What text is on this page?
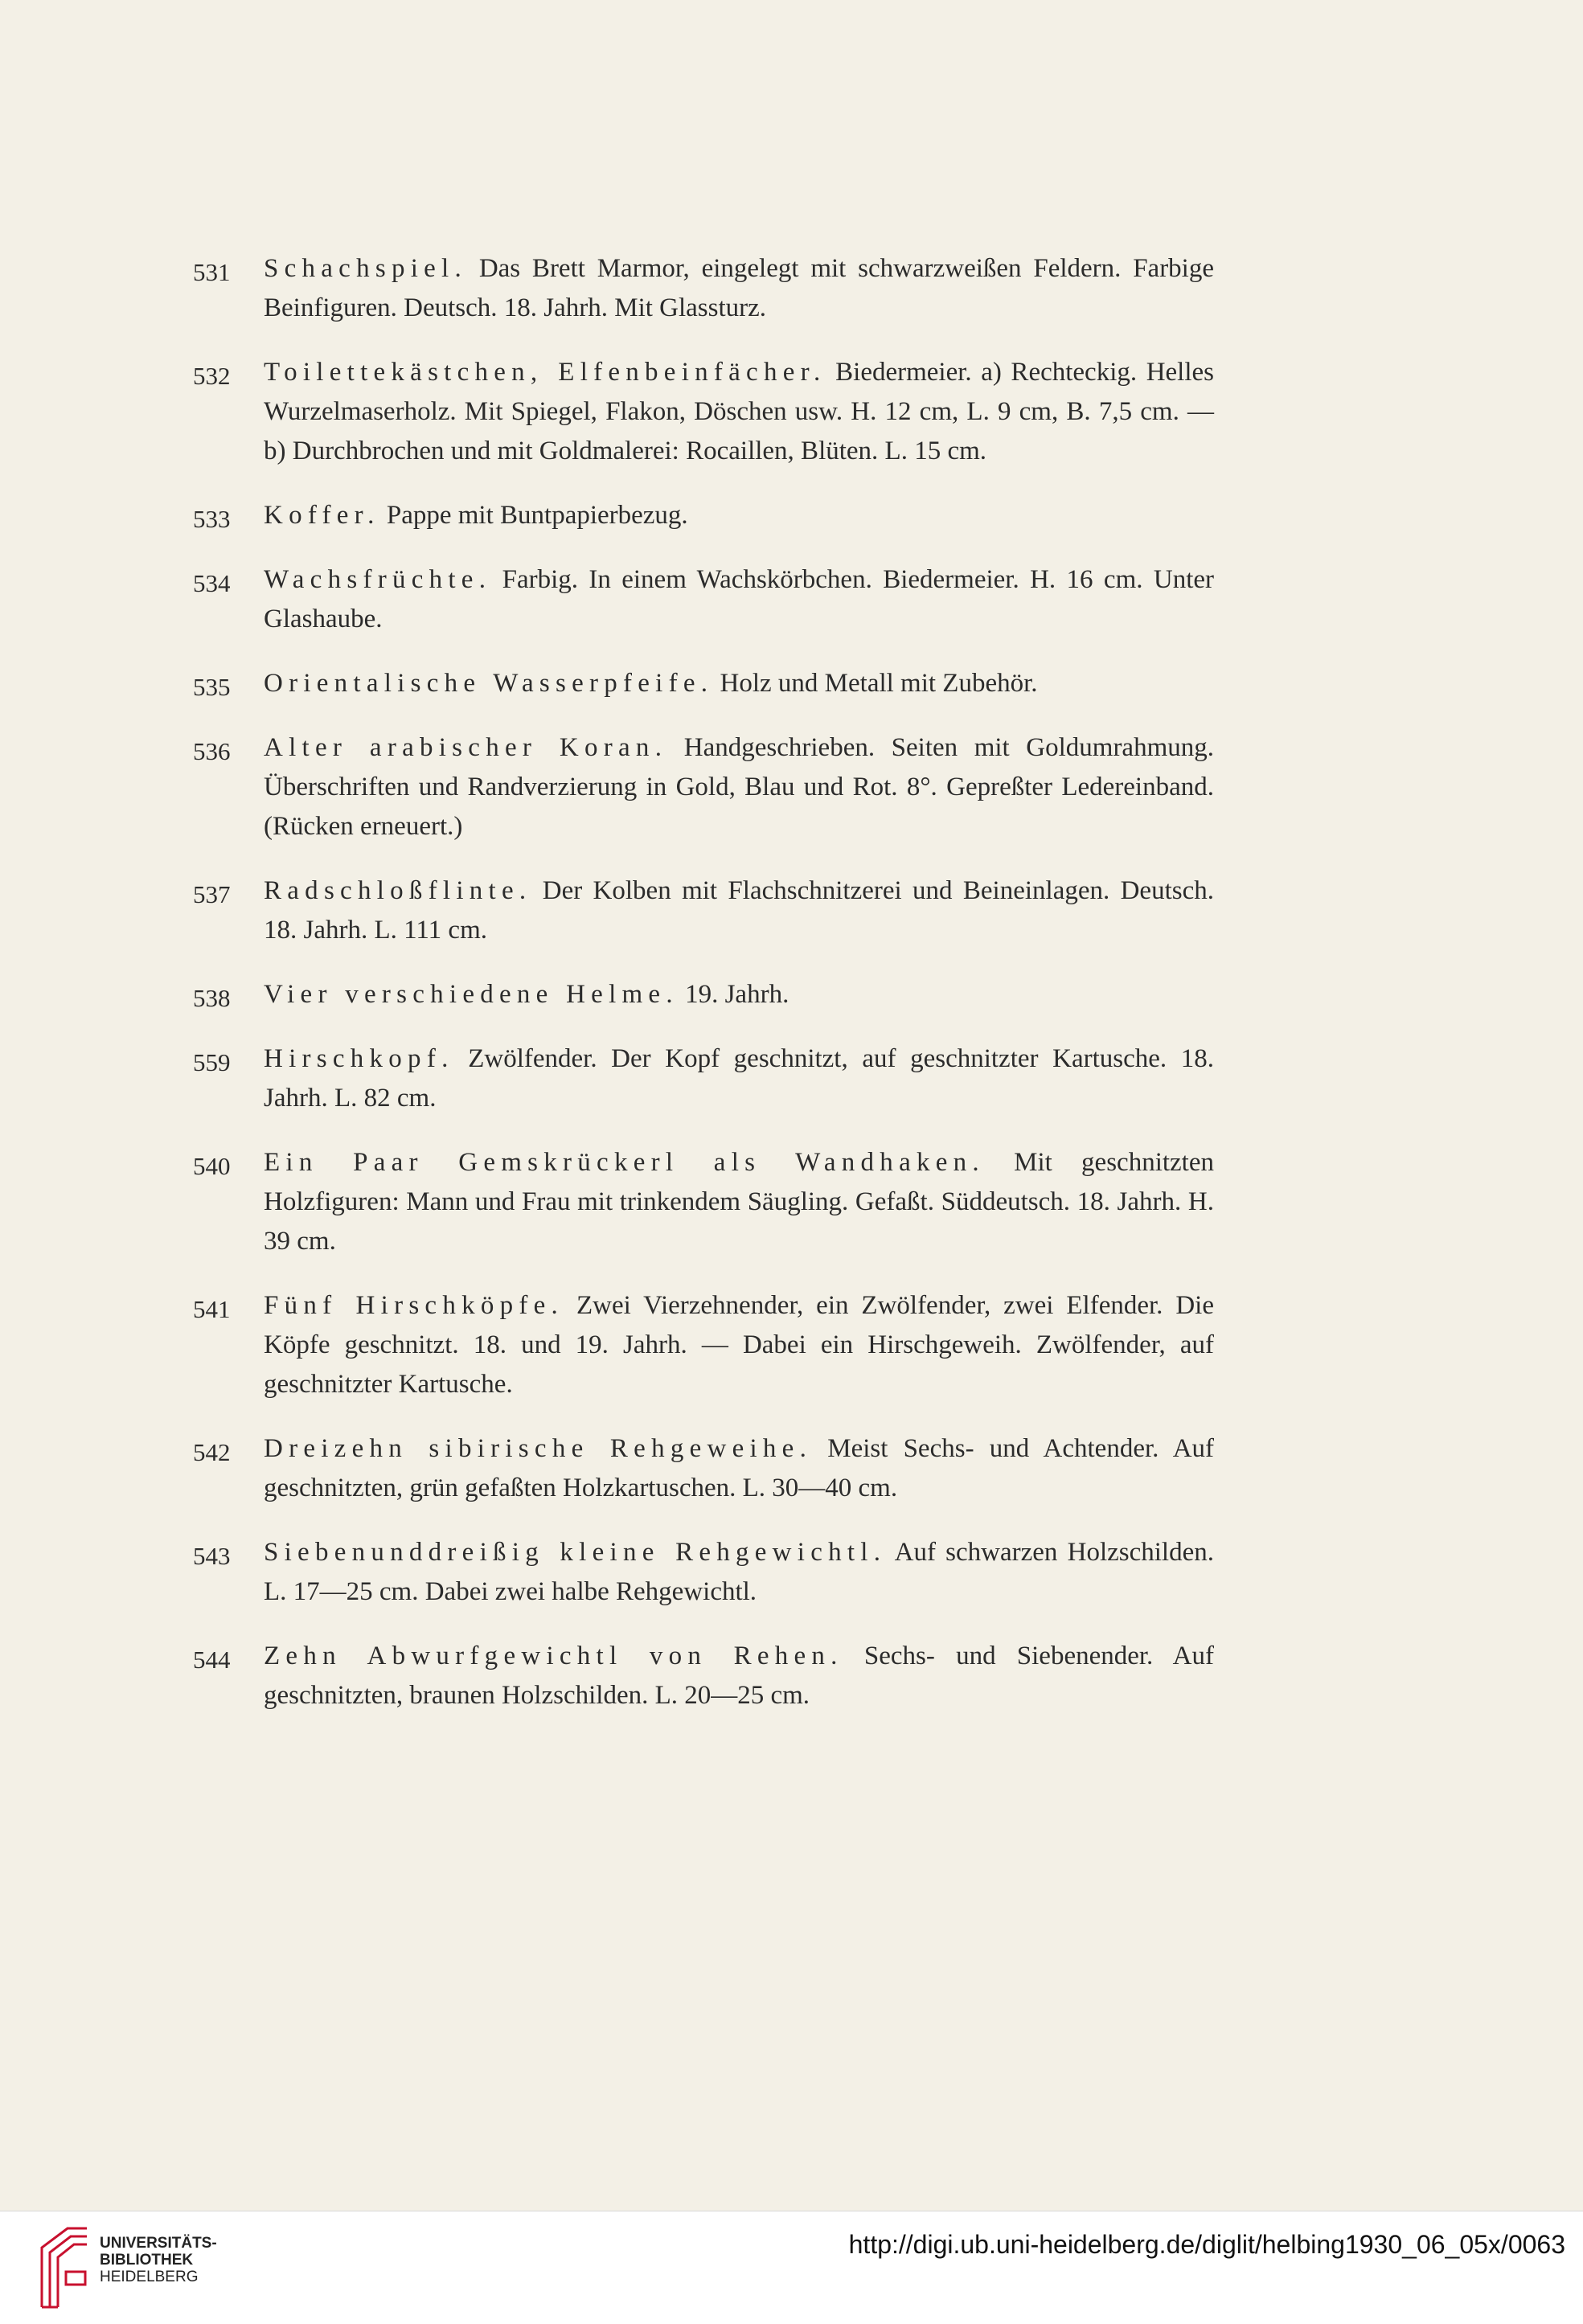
531	Schachspiel. Das Brett Marmor, eingelegt mit schwarzweißen Feldern. Farbige Beinfiguren. Deutsch. 18. Jahrh. Mit Glassturz.
532	Toilettekästchen, Elfenbeinfächer. Biedermeier. a) Rechteckig. Helles Wurzelmaserholz. Mit Spiegel, Flakon, Döschen usw. H. 12 cm, L. 9 cm, B. 7,5 cm. — b) Durchbrochen und mit Goldmalerei: Rocaillen, Blüten. L. 15 cm.
533	Koffer. Pappe mit Buntpapierbezug.
534	Wachsfrüchte. Farbig. In einem Wachskörbchen. Biedermeier. H. 16 cm. Unter Glashaube.
535	Orientalische Wasserpfeife. Holz und Metall mit Zubehör.
536	Alter arabischer Koran. Handgeschrieben. Seiten mit Goldumrahmung. Überschriften und Randverzierung in Gold, Blau und Rot. 8°. Gepreßter Ledereinband. (Rücken erneuert.)
537	Radschloßflinte. Der Kolben mit Flachschnitzerei und Beineinlagen. Deutsch. 18. Jahrh. L. 111 cm.
538	Vier verschiedene Helme. 19. Jahrh.
559	Hirschkopf. Zwölfender. Der Kopf geschnitzt, auf geschnitzter Kartusche. 18. Jahrh. L. 82 cm.
540	Ein Paar Gemskrückerl als Wandhaken. Mit geschnitzten Holzfiguren: Mann und Frau mit trinkendem Säugling. Gefaßt. Süddeutsch. 18. Jahrh. H. 39 cm.
541	Fünf Hirschköpfe. Zwei Vierzehnender, ein Zwölfender, zwei Elfender. Die Köpfe geschnitzt. 18. und 19. Jahrh. — Dabei ein Hirschgeweih. Zwölfender, auf geschnitzter Kartusche.
542	Dreizehn sibirische Rehgeweihe. Meist Sechs- und Achtender. Auf geschnitzten, grün gefaßten Holzkartuschen. L. 30—40 cm.
543	Siebenunddreißig kleine Rehgewichtl. Auf schwarzen Holzschilden. L. 17—25 cm. Dabei zwei halbe Rehgewichtl.
544	Zehn Abwurfgewichtl von Rehen. Sechs- und Siebenender. Auf geschnitzten, braunen Holzschilden. L. 20—25 cm.
UNIVERSITÄTS-
BIBLIOTHEK
HEIDELBERG
http://digi.ub.uni-heidelberg.de/diglit/helbing1930_06_05x/0063
